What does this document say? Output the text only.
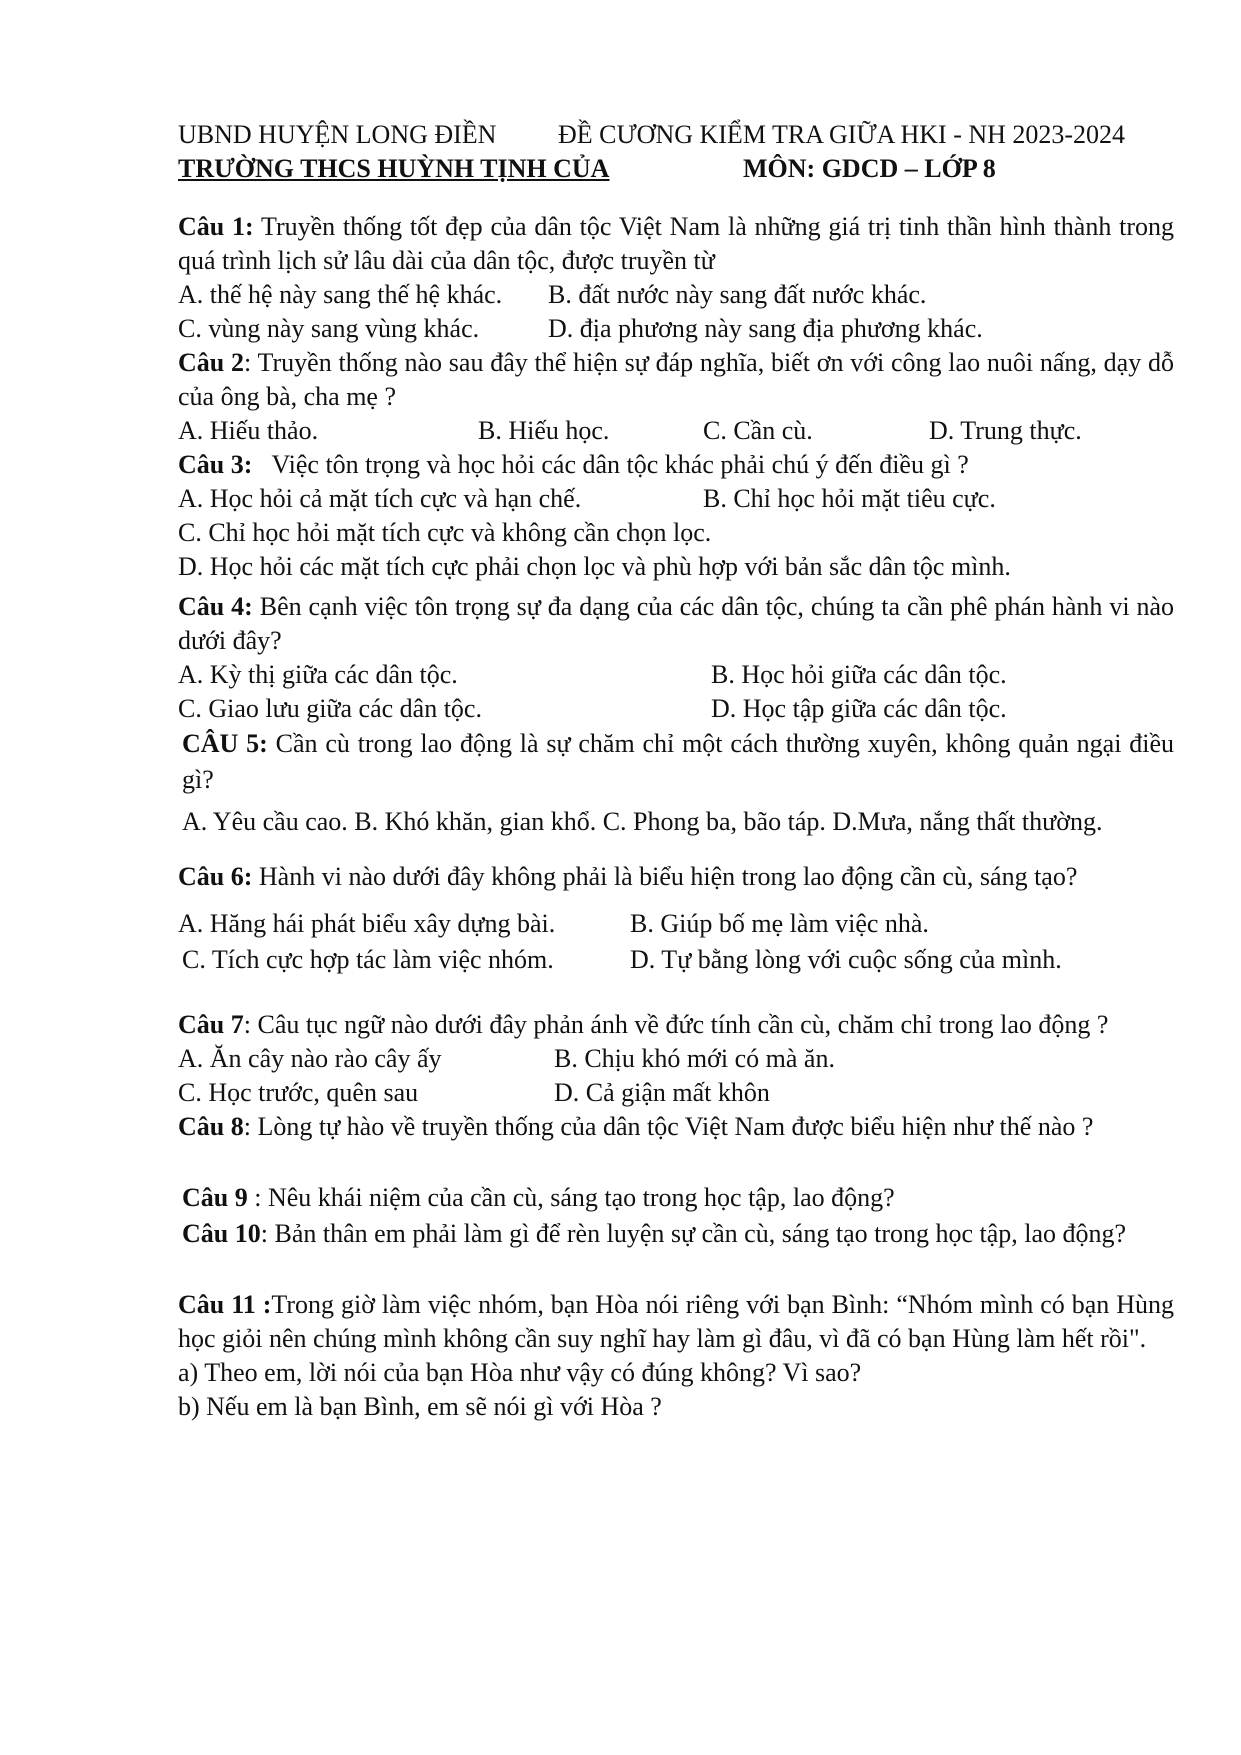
UBND HUYỆN LONG ĐIỀN	ĐỀ CƯƠNG KIỂM TRA GIỮA HKI - NH 2023-2024
TRƯỜNG THCS HUỲNH TỊNH CỦA	MÔN: GDCD – LỚP 8
Câu 1: Truyền thống tốt đẹp của dân tộc Việt Nam là những giá trị tinh thần hình thành trong quá trình lịch sử lâu dài của dân tộc, được truyền từ
A. thế hệ này sang thế hệ khác.	B. đất nước này sang đất nước khác.
C. vùng này sang vùng khác.	D. địa phương này sang địa phương khác.
Câu 2: Truyền thống nào sau đây thể hiện sự đáp nghĩa, biết ơn với công lao nuôi nấng, dạy dỗ của ông bà, cha mẹ ?
A. Hiếu thảo.	B. Hiếu học.	C. Cần cù.	D. Trung thực.
Câu 3: Việc tôn trọng và học hỏi các dân tộc khác phải chú ý đến điều gì ?
A. Học hỏi cả mặt tích cực và hạn chế.	B. Chỉ học hỏi mặt tiêu cực.
C. Chỉ học hỏi mặt tích cực và không cần chọn lọc.
D. Học hỏi các mặt tích cực phải chọn lọc và phù hợp với bản sắc dân tộc mình.
Câu 4: Bên cạnh việc tôn trọng sự đa dạng của các dân tộc, chúng ta cần phê phán hành vi nào dưới đây?
A. Kỳ thị giữa các dân tộc.	B. Học hỏi giữa các dân tộc.
C. Giao lưu giữa các dân tộc.	D. Học tập giữa các dân tộc.
CÂU 5: Cần cù trong lao động là sự chăm chỉ một cách thường xuyên, không quản ngại điều gì?
A. Yêu cầu cao. B. Khó khăn, gian khổ. C. Phong ba, bão táp. D.Mưa, nắng thất thường.
Câu 6: Hành vi nào dưới đây không phải là biểu hiện trong lao động cần cù, sáng tạo?
A. Hăng hái phát biểu xây dựng bài.	B. Giúp bố mẹ làm việc nhà.
C. Tích cực hợp tác làm việc nhóm.	D. Tự bằng lòng với cuộc sống của mình.
Câu 7: Câu tục ngữ nào dưới đây phản ánh về đức tính cần cù, chăm chỉ trong lao động ?
A. Ăn cây nào rào cây ấy	B. Chịu khó mới có mà ăn.
C. Học trước, quên sau	D. Cả giận mất khôn
Câu 8: Lòng tự hào về truyền thống của dân tộc Việt Nam được biểu hiện như thế nào ?
Câu 9 : Nêu khái niệm của cần cù, sáng tạo trong học tập, lao động?
Câu 10: Bản thân em phải làm gì để rèn luyện sự cần cù, sáng tạo trong học tập, lao động?
Câu 11 :Trong giờ làm việc nhóm, bạn Hòa nói riêng với bạn Bình: “Nhóm mình có bạn Hùng học giỏi nên chúng mình không cần suy nghĩ hay làm gì đâu, vì đã có bạn Hùng làm hết rồi".
a) Theo em, lời nói của bạn Hòa như vậy có đúng không? Vì sao?
b) Nếu em là bạn Bình, em sẽ nói gì với Hòa ?
